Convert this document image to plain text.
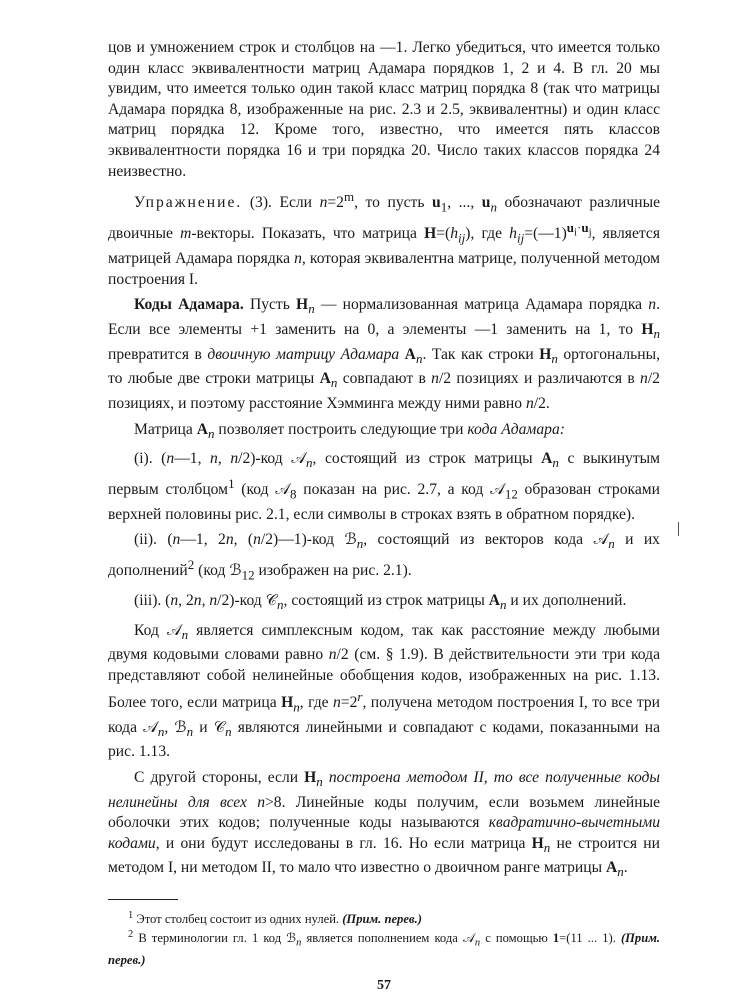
цов и умножением строк и столбцов на —1. Легко убедиться, что имеется только один класс эквивалентности матриц Адамара порядков 1, 2 и 4. В гл. 20 мы увидим, что имеется только один такой класс матриц порядка 8 (так что матрицы Адамара порядка 8, изображенные на рис. 2.3 и 2.5, эквивалентны) и один класс матриц порядка 12. Кроме того, известно, что имеется пять классов эквивалентности порядка 16 и три порядка 20. Число таких классов порядка 24 неизвестно.

Упражнение. (3). Если $n=2^m$, то пусть $u_1$, ..., $u_n$ обозначают различные двоичные m-векторы. Показать, что матрица $H=(h_{ij})$, где $h_{ij}=(—1)^{u_i\cdot u_j}$, является матрицей Адамара порядка n, которая эквивалентна матрице, полученной методом построения I.

Коды Адамара. Пусть $H_n$ — нормализованная матрица Адамара порядка n. Если все элементы +1 заменить на 0, а элементы —1 заменить на 1, то $H_n$ превратится в двоичную матрицу Адамара $A_n$. Так как строки $H_n$ ортогональны, то любые две строки матрицы $A_n$ совпадают в n/2 позициях и различаются в n/2 позициях, и поэтому расстояние Хэмминга между ними равно n/2.

Матрица $A_n$ позволяет построить следующие три кода Адамара:

(i). (n—1, n, n/2)-код 𝒜$_n$, состоящий из строк матрицы $A_n$ с выкинутым первым столбцом$^1$ (код 𝒜$_8$ показан на рис. 2.7, а код 𝒜$_{12}$ образован строками верхней половины рис. 2.1, если символы в строках взять в обратном порядке).

(ii). (n—1, 2n, (n/2)—1)-код ℬ$_n$, состоящий из векторов кода 𝒜$_n$ и их дополнений$^2$ (код ℬ$_{12}$ изображен на рис. 2.1).

(iii). (n, 2n, n/2)-код 𝒞$_n$, состоящий из строк матрицы $A_n$ и их дополнений.

Код 𝒜$_n$ является симплексным кодом, так как расстояние между любыми двумя кодовыми словами равно n/2 (см. § 1.9). В действительности эти три кода представляют собой нелинейные обобщения кодов, изображенных на рис. 1.13. Более того, если матрица $H_n$, где $n=2^r$, получена методом построения I, то все три кода 𝒜$_n$, ℬ$_n$ и 𝒞$_n$ являются линейными и совпадают с кодами, показанными на рис. 1.13.

С другой стороны, если $H_n$ построена методом II, то все полученные коды нелинейны для всех n>8. Линейные коды получим, если возьмем линейные оболочки этих кодов; полученные коды называются квадратично-вычетными кодами, и они будут исследованы в гл. 16. Но если матрица $H_n$ не строится ни методом I, ни методом II, то мало что известно о двоичном ранге матрицы $A_n$.

$^1$ Этот столбец состоит из одних нулей. (Прим. перев.)

$^2$ В терминологии гл. 1 код ℬ$_n$ является пополнением кода 𝒜$_n$ с помощью 1=(11 ... 1). (Прим. перев.)

57
